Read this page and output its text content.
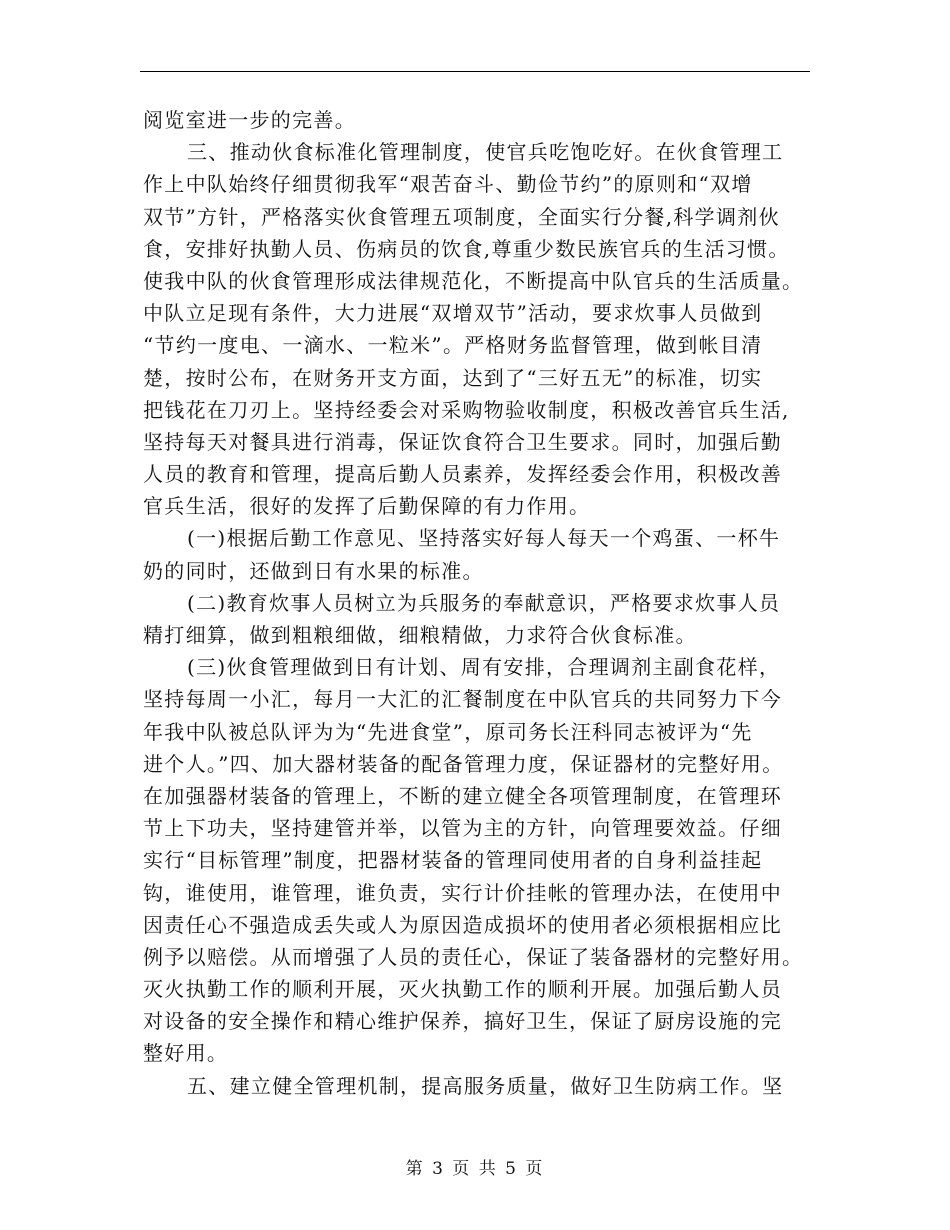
阅览室进一步的完善。
三、推动伙食标准化管理制度，使官兵吃饱吃好。在伙食管理工
作上中队始终仔细贯彻我军“艰苦奋斗、勤俭节约”的原则和“双增
双节”方针，严格落实伙食管理五项制度，全面实行分餐,科学调剂伙
食，安排好执勤人员、伤病员的饮食,尊重少数民族官兵的生活习惯。
使我中队的伙食管理形成法律规范化，不断提高中队官兵的生活质量。
中队立足现有条件，大力进展“双增双节”活动，要求炊事人员做到
“节约一度电、一滴水、一粒米”。严格财务监督管理，做到帐目清
楚，按时公布，在财务开支方面，达到了“三好五无”的标准，切实
把钱花在刀刃上。坚持经委会对采购物验收制度，积极改善官兵生活,
坚持每天对餐具进行消毒，保证饮食符合卫生要求。同时，加强后勤
人员的教育和管理，提高后勤人员素养，发挥经委会作用，积极改善
官兵生活，很好的发挥了后勤保障的有力作用。
(一)根据后勤工作意见、坚持落实好每人每天一个鸡蛋、一杯牛
奶的同时，还做到日有水果的标准。
(二)教育炊事人员树立为兵服务的奉献意识，严格要求炊事人员
精打细算，做到粗粮细做，细粮精做，力求符合伙食标准。
(三)伙食管理做到日有计划、周有安排，合理调剂主副食花样，
坚持每周一小汇，每月一大汇的汇餐制度在中队官兵的共同努力下今
年我中队被总队评为为“先进食堂”，原司务长汪科同志被评为“先
进个人。”四、加大器材装备的配备管理力度，保证器材的完整好用。
在加强器材装备的管理上，不断的建立健全各项管理制度，在管理环
节上下功夫，坚持建管并举，以管为主的方针，向管理要效益。仔细
实行“目标管理”制度，把器材装备的管理同使用者的自身利益挂起
钩，谁使用，谁管理，谁负责，实行计价挂帐的管理办法，在使用中
因责任心不强造成丢失或人为原因造成损坏的使用者必须根据相应比
例予以赔偿。从而增强了人员的责任心，保证了装备器材的完整好用。
灭火执勤工作的顺利开展，灭火执勤工作的顺利开展。加强后勤人员
对设备的安全操作和精心维护保养，搞好卫生，保证了厨房设施的完
整好用。
五、建立健全管理机制，提高服务质量，做好卫生防病工作。坚
第 3 页 共 5 页
